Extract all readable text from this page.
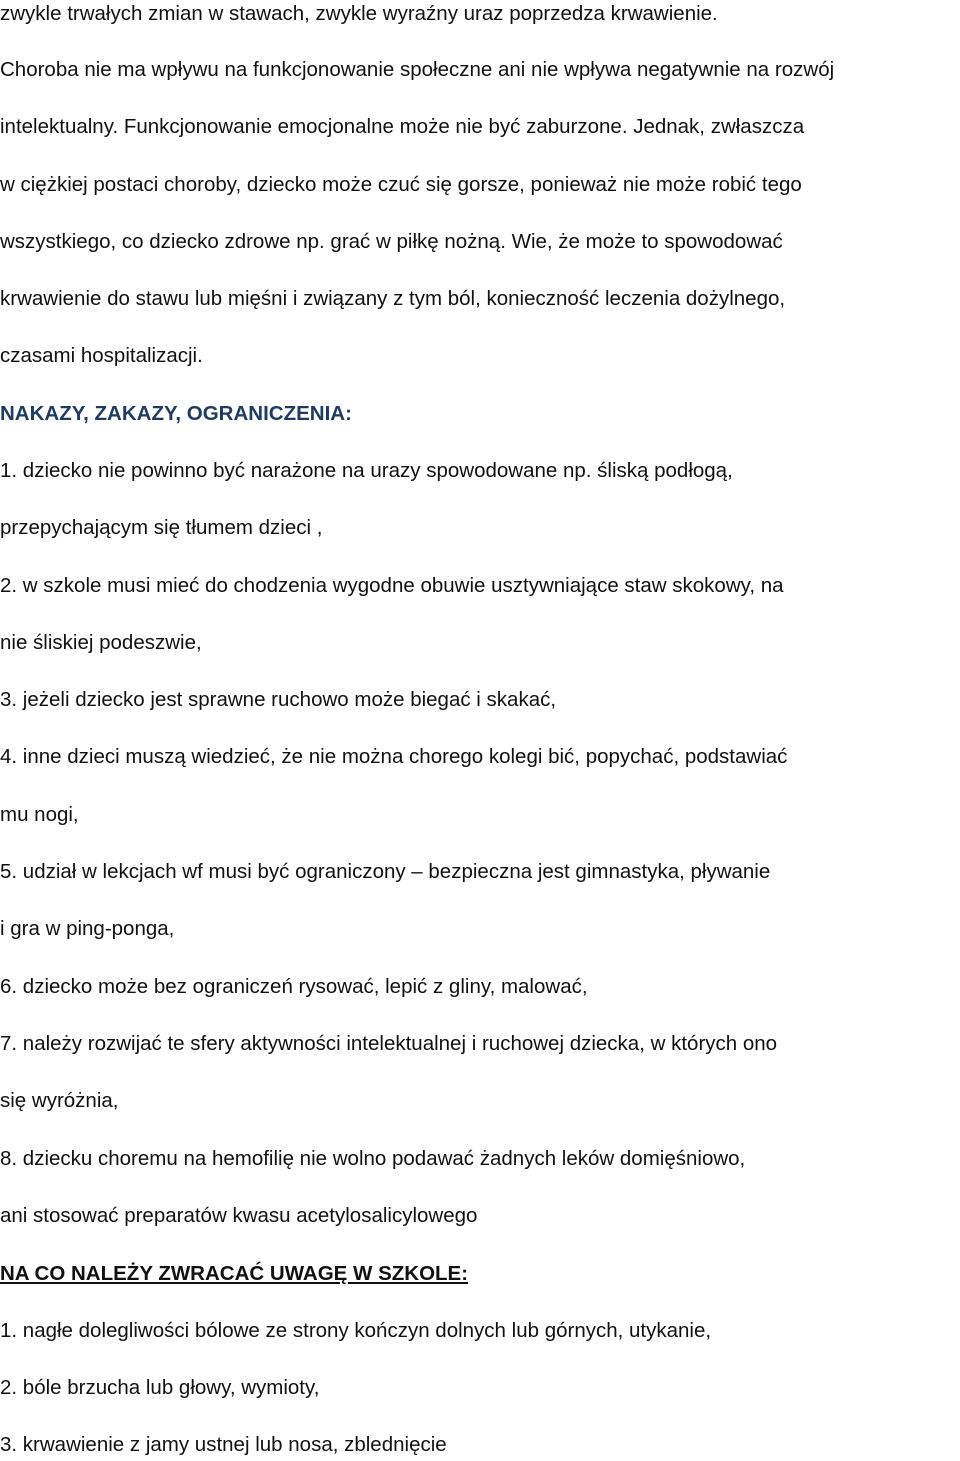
zwykle trwałych zmian w stawach, zwykle wyraźny uraz poprzedza krwawienie.
Choroba nie ma wpływu na funkcjonowanie społeczne ani nie wpływa negatywnie na rozwój
intelektualny. Funkcjonowanie emocjonalne może nie być zaburzone. Jednak, zwłaszcza
w ciężkiej postaci choroby, dziecko może czuć się gorsze, ponieważ nie może robić tego
wszystkiego, co dziecko zdrowe np. grać w piłkę nożną. Wie, że może to spowodować
krwawienie do stawu lub mięśni i związany z tym ból, konieczność leczenia dożylnego,
czasami hospitalizacji.
NAKAZY, ZAKAZY, OGRANICZENIA:
1. dziecko nie powinno być narażone na urazy spowodowane np. śliską podłogą,
przepychającym się tłumem dzieci ,
2. w szkole musi mieć do chodzenia wygodne obuwie usztywniające staw skokowy, na
nie śliskiej podeszwie,
3. jeżeli dziecko jest sprawne ruchowo może biegać i skakać,
4. inne dzieci muszą wiedzieć, że nie można chorego kolegi bić, popychać, podstawiać
mu nogi,
5. udział w lekcjach wf musi być ograniczony – bezpieczna jest gimnastyka, pływanie
i gra w ping-ponga,
6. dziecko może bez ograniczeń rysować, lepić z gliny, malować,
7. należy rozwijać te sfery aktywności intelektualnej i ruchowej dziecka, w których ono
się wyróżnia,
8. dziecku choremu na hemofilię nie wolno podawać żadnych leków domięśniowo,
ani stosować preparatów kwasu acetylosalicylowego
NA CO NALEŻY ZWRACAĆ UWAGĘ W SZKOLE:
1. nagłe dolegliwości bólowe ze strony kończyn dolnych lub górnych, utykanie,
2. bóle brzucha lub głowy, wymioty,
3. krwawienie z jamy ustnej lub nosa, zblednięcie
